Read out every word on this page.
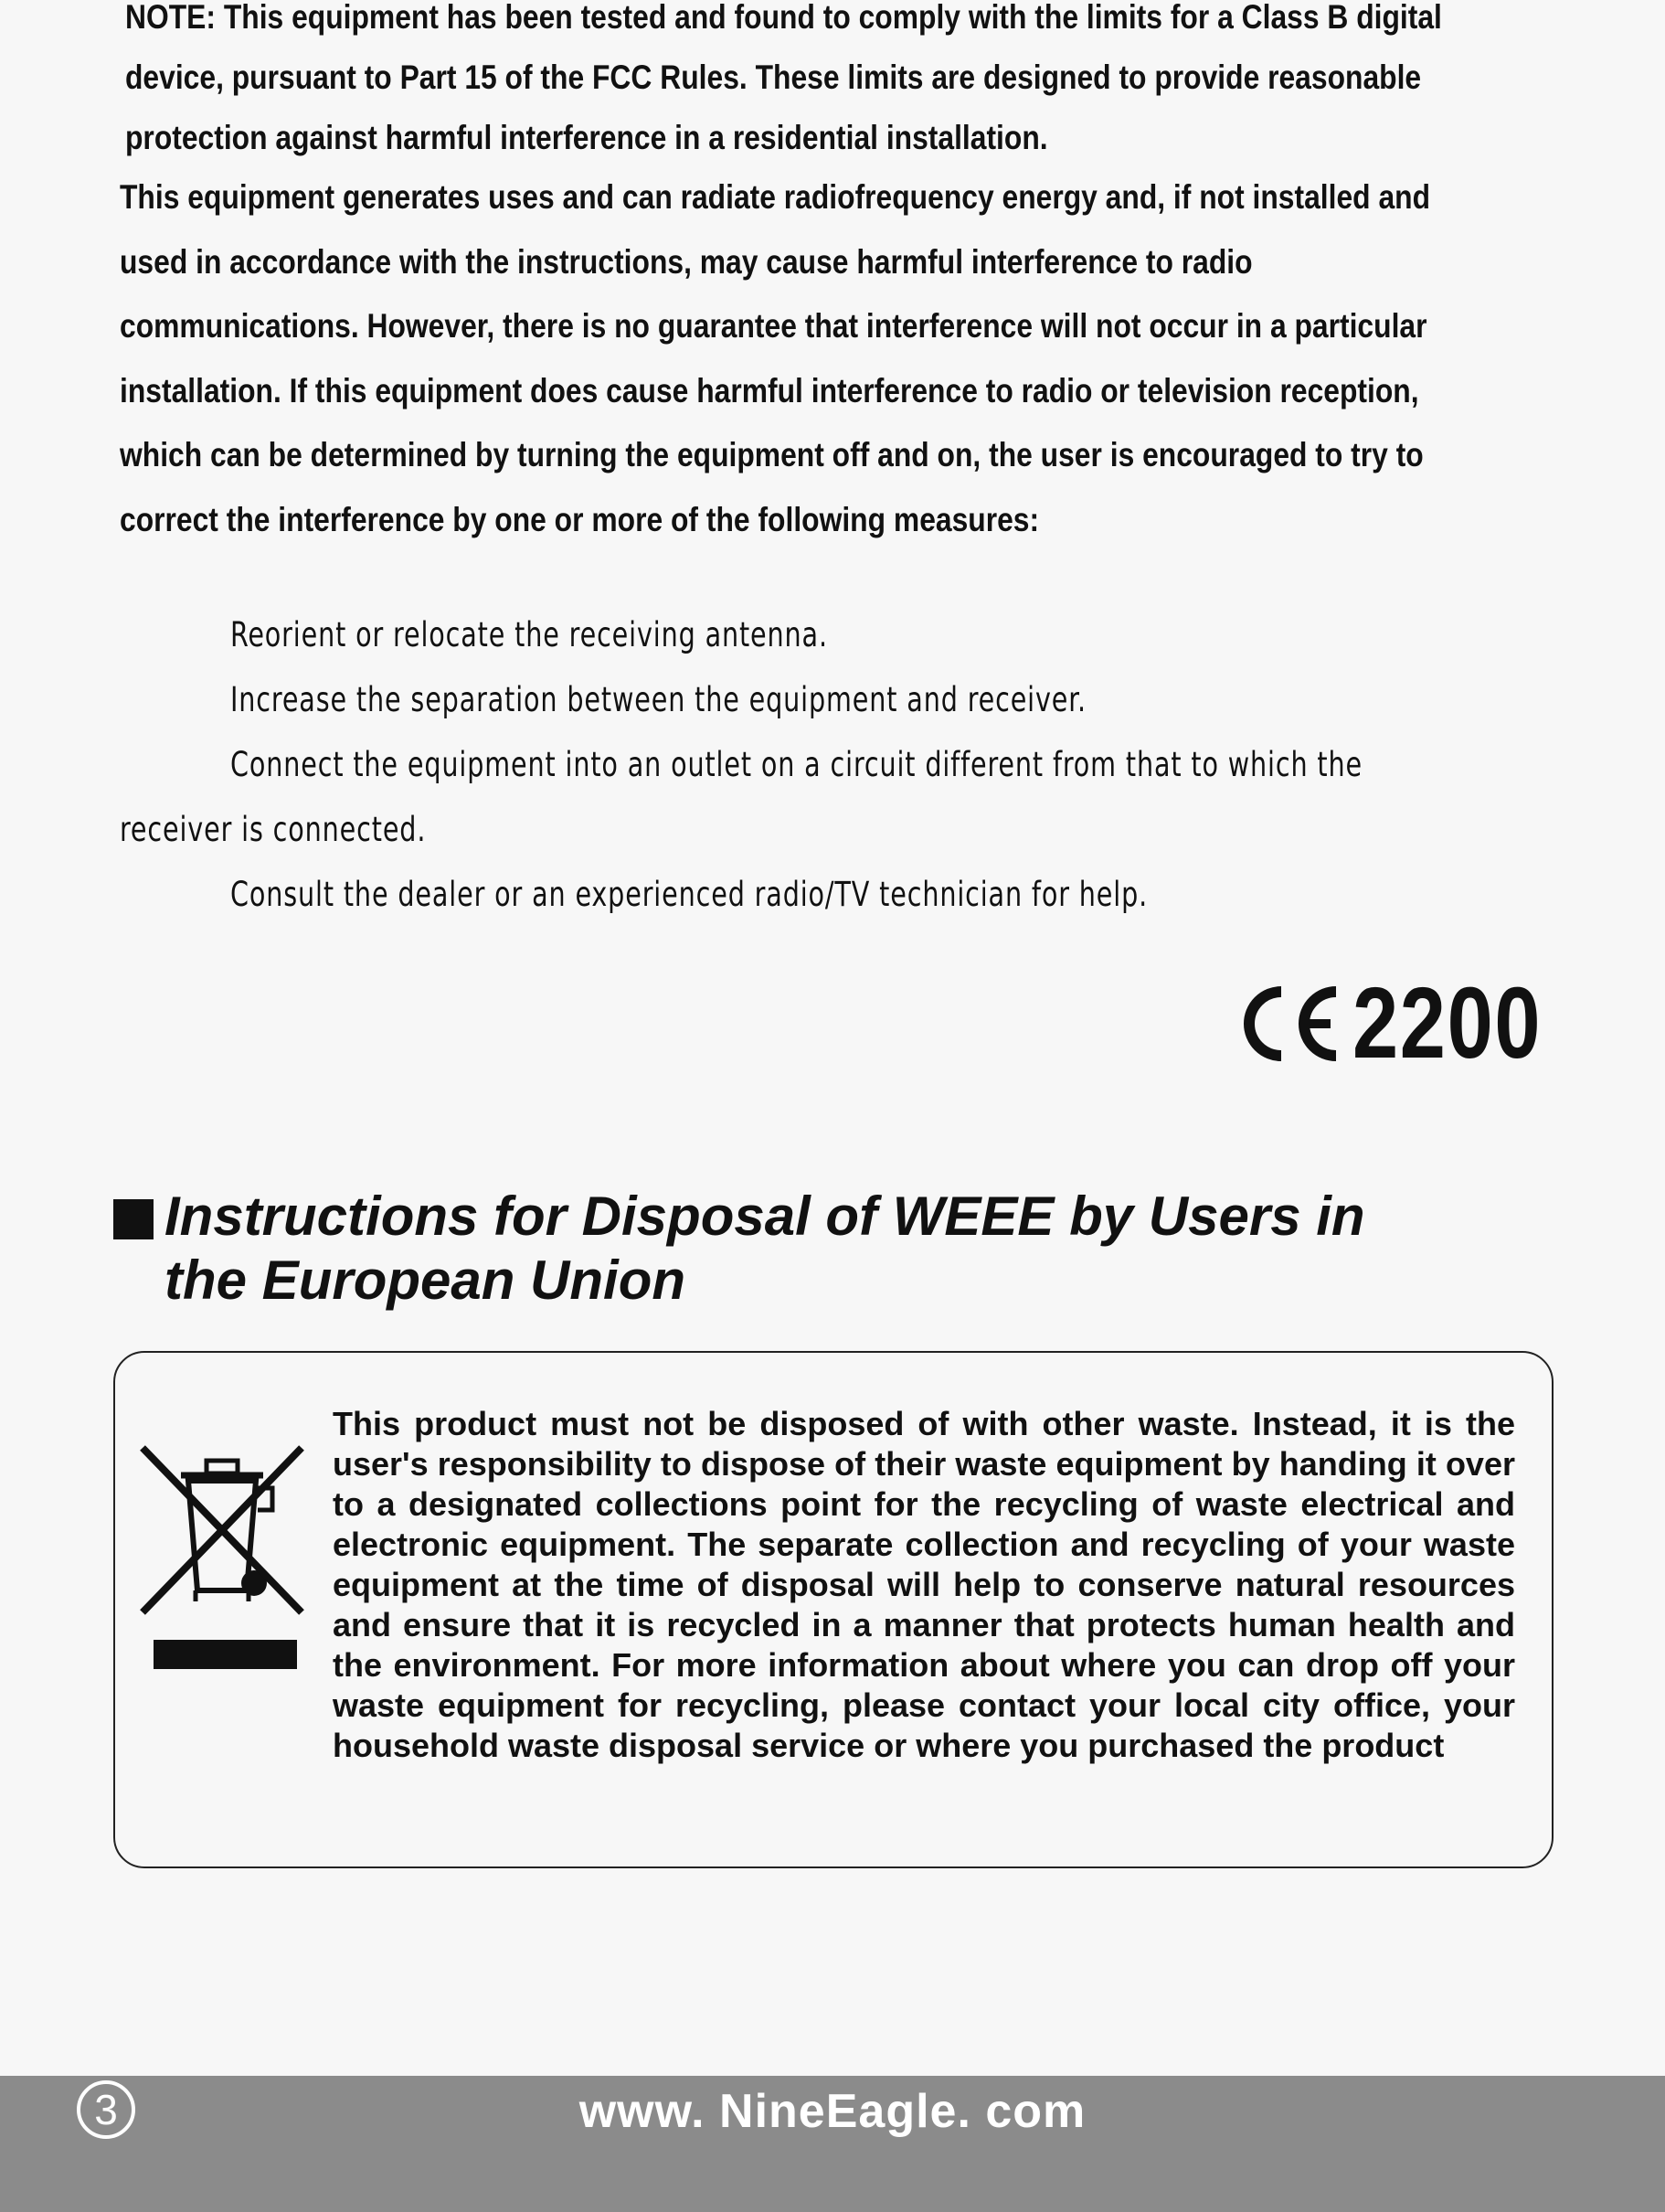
NOTE: This equipment has been tested and found to comply with the limits for a Class B digital
device, pursuant to Part 15 of the FCC Rules. These limits are designed to provide reasonable
protection against harmful interference in a residential installation.
This equipment generates uses and can radiate radiofrequency energy and, if not installed and
used in accordance with the instructions, may cause harmful interference to radio
communications. However, there is no guarantee that interference will not occur in a particular
installation. If this equipment does cause harmful interference to radio or television reception,
which can be determined by turning the equipment off and on, the user is encouraged to try to
correct the interference by one or more of the following measures:
Reorient or relocate the receiving antenna.
Increase the separation between the equipment and receiver.
Connect the equipment into an outlet on a circuit different from that to which the
receiver is connected.
Consult the dealer or an experienced radio/TV technician for help.
2200
Instructions for Disposal of WEEE by Users in
the European Union
This product must not be disposed of with other waste. Instead, it is the user's responsibility to dispose of their waste equipment by handing it over to a designated collections point for the recycling of waste electrical and electronic equipment. The separate collection and recycling of your waste equipment at the time of disposal will help to conserve natural resources and ensure that it is recycled in a manner that protects human health and the environment. For more information about where you can drop off your waste equipment for recycling, please contact your local city office, your household waste disposal service or where you purchased the product
3	www. NineEagle. com
